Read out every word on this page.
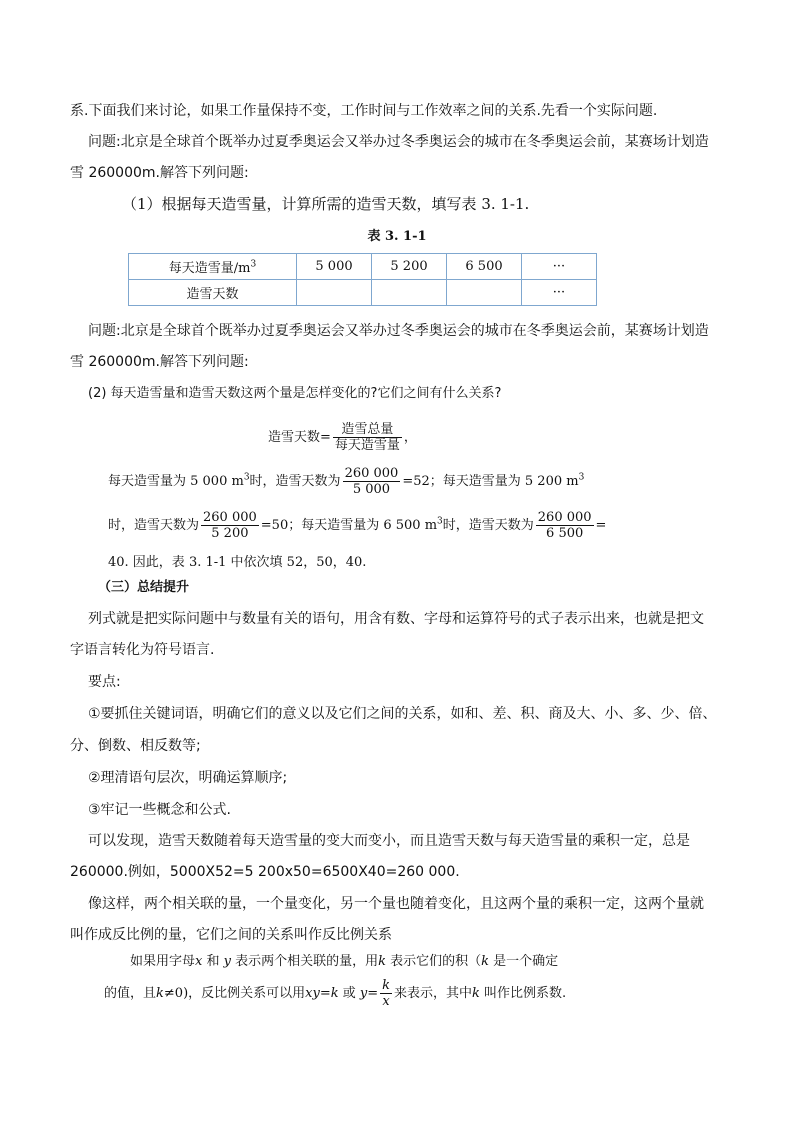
系.下面我们来讨论，如果工作量保持不变，工作时间与工作效率之间的关系.先看一个实际问题.
问题:北京是全球首个既举办过夏季奥运会又举办过冬季奥运会的城市在冬季奥运会前，某赛场计划造
雪 260000m.解答下列问题:
（1）根据每天造雪量，计算所需的造雪天数，填写表 3. 1-1.
表 3. 1-1
每天造雪量$/m^3$	5 000	5 200	6 500	···
造雪天数				···
问题:北京是全球首个既举办过夏季奥运会又举办过冬季奥运会的城市在冬季奥运会前，某赛场计划造
雪 260000m.解答下列问题:
(2) 每天造雪量和造雪天数这两个量是怎样变化的?它们之间有什么关系?
造雪天数= $\frac{\text{造雪总量}}{\text{每天造雪量}}$ ，
每天造雪量为 5 000 $m^3$时，造雪天数为 $\frac{260 000}{5 000} =52$；每天造雪量为 5 200 $m^3$
时，造雪天数为 $\frac{260 000}{5 200} =50$；每天造雪量为 6 500 $m^3$时，造雪天数为 $\frac{260 000}{6 500}$ =
40. 因此，表 3. 1-1 中依次填 52，50，40.
（三）总结提升
列式就是把实际问题中与数量有关的语句，用含有数、字母和运算符号的式子表示出来，也就是把文
字语言转化为符号语言.
要点:
①要抓住关键词语，明确它们的意义以及它们之间的关系，如和、差、积、商及大、小、多、少、倍、
分、倒数、相反数等;
②理清语句层次，明确运算顺序;
③牢记一些概念和公式.
可以发现，造雪天数随着每天造雪量的变大而变小，而且造雪天数与每天造雪量的乘积一定，总是
260000.例如，5000X52=5 200x50=6500X40=260 000.
像这样，两个相关联的量，一个量变化，另一个量也随着变化，且这两个量的乘积一定，这两个量就
叫作成反比例的量，它们之间的关系叫作反比例关系
如果用字母x 和 y 表示两个相关联的量，用k 表示它们的积（k 是一个确定
的值，且k≠0)，反比例关系可以用xy=k 或 $y= \frac{k}{x}$ 来表示，其中k 叫作比例系数.
